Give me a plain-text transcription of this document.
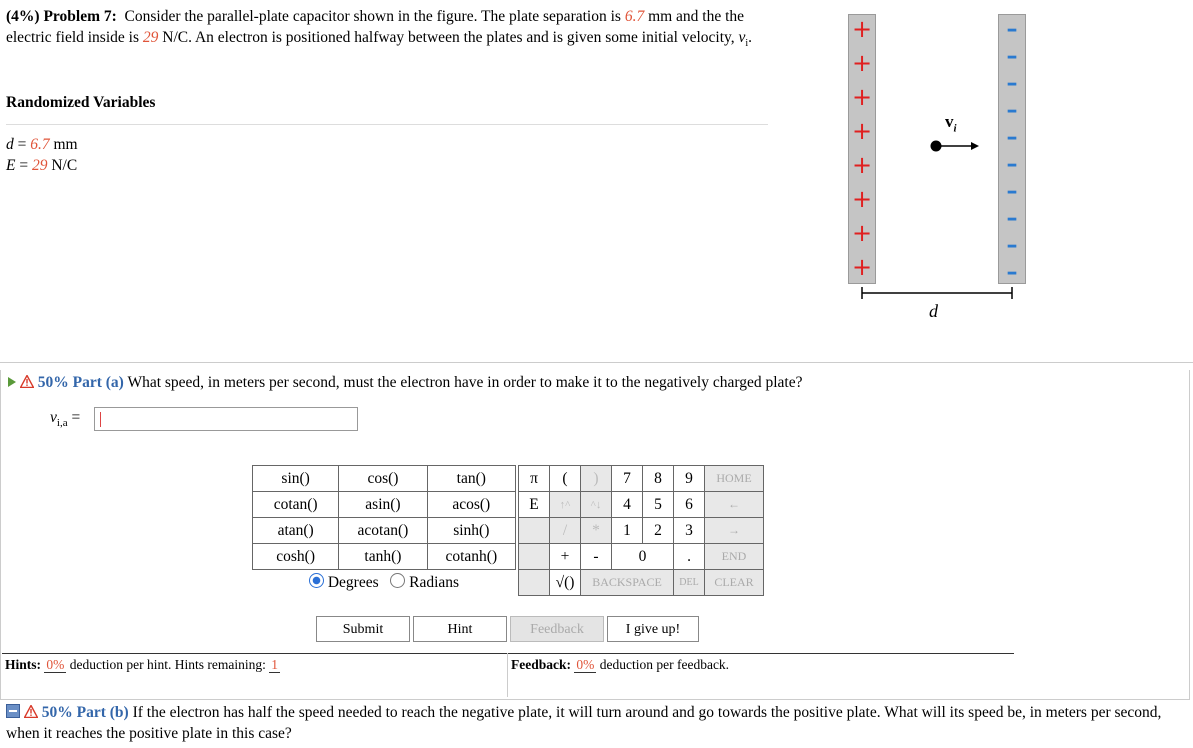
(4%) Problem 7: Consider the parallel-plate capacitor shown in the figure. The plate separation is 6.7 mm and the the electric field inside is 29 N/C. An electron is positioned halfway between the plates and is given some initial velocity, $v_i$.
Randomized Variables
d = 6.7 mm
E = 29 N/C
+
+
+
+
+
+
+
+
–
–
–
–
–
–
–
–
–
–
$v_i$
d

50% Part (a) What speed, in meters per second, must the electron have in order to make it to the negatively charged plate?
$v_{i,a}$ =
sin()	cos()	tan()
cotan()	asin()	acos()
atan()	acotan()	sinh()
cosh()	tanh()	cotanh()
Degrees Radians		
π	(	)	7	8	9	HOME
E	↑^	^↓	4	5	6	←
	/	*	1	2	3	→
	+	-	0		.	END
	√()	BACKSPACE			DEL	CLEAR
Submit	Hint	Feedback	I give up!
Hints: 0% deduction per hint. Hints remaining: 1	Feedback: 0% deduction per feedback.

50% Part (b) If the electron has half the speed needed to reach the negative plate, it will turn around and go towards the positive plate. What will its speed be, in meters per second, when it reaches the positive plate in this case?
